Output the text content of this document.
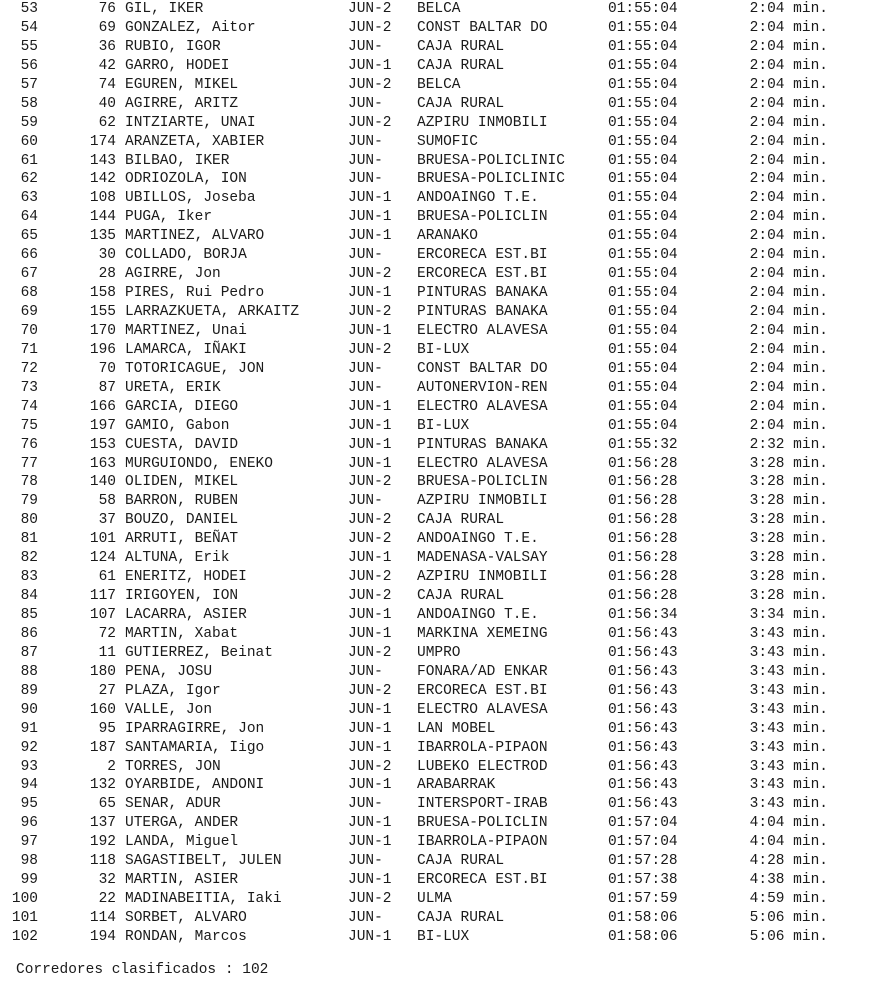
53	76 GIL, IKER	JUN-2 BELCA	01:55:04	2:04 min.
54	69 GONZALEZ, Aitor	JUN-2 CONST BALTAR DO	01:55:04	2:04 min.
55	36 RUBIO, IGOR	JUN- CAJA RURAL	01:55:04	2:04 min.
56	42 GARRO, HODEI	JUN-1 CAJA RURAL	01:55:04	2:04 min.
57	74 EGUREN, MIKEL	JUN-2 BELCA	01:55:04	2:04 min.
58	40 AGIRRE, ARITZ	JUN- CAJA RURAL	01:55:04	2:04 min.
59	62 INTZIARTE, UNAI	JUN-2 AZPIRU INMOBILI	01:55:04	2:04 min.
60	174 ARANZETA, XABIER	JUN- SUMOFIC	01:55:04	2:04 min.
61	143 BILBAO, IKER	JUN- BRUESA-POLICLINIC	01:55:04	2:04 min.
62	142 ODRIOZOLA, ION	JUN- BRUESA-POLICLINIC	01:55:04	2:04 min.
63	108 UBILLOS, Joseba	JUN-1 ANDOAINGO T.E.	01:55:04	2:04 min.
64	144 PUGA, Iker	JUN-1 BRUESA-POLICLIN	01:55:04	2:04 min.
65	135 MARTINEZ, ALVARO	JUN-1 ARANAKO	01:55:04	2:04 min.
66	30 COLLADO, BORJA	JUN- ERCORECA EST.BI	01:55:04	2:04 min.
67	28 AGIRRE, Jon	JUN-2 ERCORECA EST.BI	01:55:04	2:04 min.
68	158 PIRES, Rui Pedro	JUN-1 PINTURAS BANAKA	01:55:04	2:04 min.
69	155 LARRAZKUETA, ARKAITZ	JUN-2 PINTURAS BANAKA	01:55:04	2:04 min.
70	170 MARTINEZ, Unai	JUN-1 ELECTRO ALAVESA	01:55:04	2:04 min.
71	196 LAMARCA, IÑAKI	JUN-2 BI-LUX	01:55:04	2:04 min.
72	70 TOTORICAGUE, JON	JUN- CONST BALTAR DO	01:55:04	2:04 min.
73	87 URETA, ERIK	JUN- AUTONERVION-REN	01:55:04	2:04 min.
74	166 GARCIA, DIEGO	JUN-1 ELECTRO ALAVESA	01:55:04	2:04 min.
75	197 GAMIO, Gabon	JUN-1 BI-LUX	01:55:04	2:04 min.
76	153 CUESTA, DAVID	JUN-1 PINTURAS BANAKA	01:55:32	2:32 min.
77	163 MURGUIONDO, ENEKO	JUN-1 ELECTRO ALAVESA	01:56:28	3:28 min.
78	140 OLIDEN, MIKEL	JUN-2 BRUESA-POLICLIN	01:56:28	3:28 min.
79	58 BARRON, RUBEN	JUN- AZPIRU INMOBILI	01:56:28	3:28 min.
80	37 BOUZO, DANIEL	JUN-2 CAJA RURAL	01:56:28	3:28 min.
81	101 ARRUTI, BEÑAT	JUN-2 ANDOAINGO T.E.	01:56:28	3:28 min.
82	124 ALTUNA, Erik	JUN-1 MADENASA-VALSAY	01:56:28	3:28 min.
83	61 ENERITZ, HODEI	JUN-2 AZPIRU INMOBILI	01:56:28	3:28 min.
84	117 IRIGOYEN, ION	JUN-2 CAJA RURAL	01:56:28	3:28 min.
85	107 LACARRA, ASIER	JUN-1 ANDOAINGO T.E.	01:56:34	3:34 min.
86	72 MARTIN, Xabat	JUN-1 MARKINA XEMEING	01:56:43	3:43 min.
87	11 GUTIERREZ, Beinat	JUN-2 UMPRO	01:56:43	3:43 min.
88	180 PENA, JOSU	JUN- FONARA/AD ENKAR	01:56:43	3:43 min.
89	27 PLAZA, Igor	JUN-2 ERCORECA EST.BI	01:56:43	3:43 min.
90	160 VALLE, Jon	JUN-1 ELECTRO ALAVESA	01:56:43	3:43 min.
91	95 IPARRAGIRRE, Jon	JUN-1 LAN MOBEL	01:56:43	3:43 min.
92	187 SANTAMARIA, Iigo	JUN-1 IBARROLA-PIPAON	01:56:43	3:43 min.
93	2 TORRES, JON	JUN-2 LUBEKO ELECTROD	01:56:43	3:43 min.
94	132 OYARBIDE, ANDONI	JUN-1 ARABARRAK	01:56:43	3:43 min.
95	65 SENAR, ADUR	JUN- INTERSPORT-IRAB	01:56:43	3:43 min.
96	137 UTERGA, ANDER	JUN-1 BRUESA-POLICLIN	01:57:04	4:04 min.
97	192 LANDA, Miguel	JUN-1 IBARROLA-PIPAON	01:57:04	4:04 min.
98	118 SAGASTIBELT, JULEN	JUN- CAJA RURAL	01:57:28	4:28 min.
99	32 MARTIN, ASIER	JUN-1 ERCORECA EST.BI	01:57:38	4:38 min.
100	22 MADINABEITIA, Iaki	JUN-2 ULMA	01:57:59	4:59 min.
101	114 SORBET, ALVARO	JUN- CAJA RURAL	01:58:06	5:06 min.
102	194 RONDAN, Marcos	JUN-1 BI-LUX	01:58:06	5:06 min.
Corredores clasificados : 102
